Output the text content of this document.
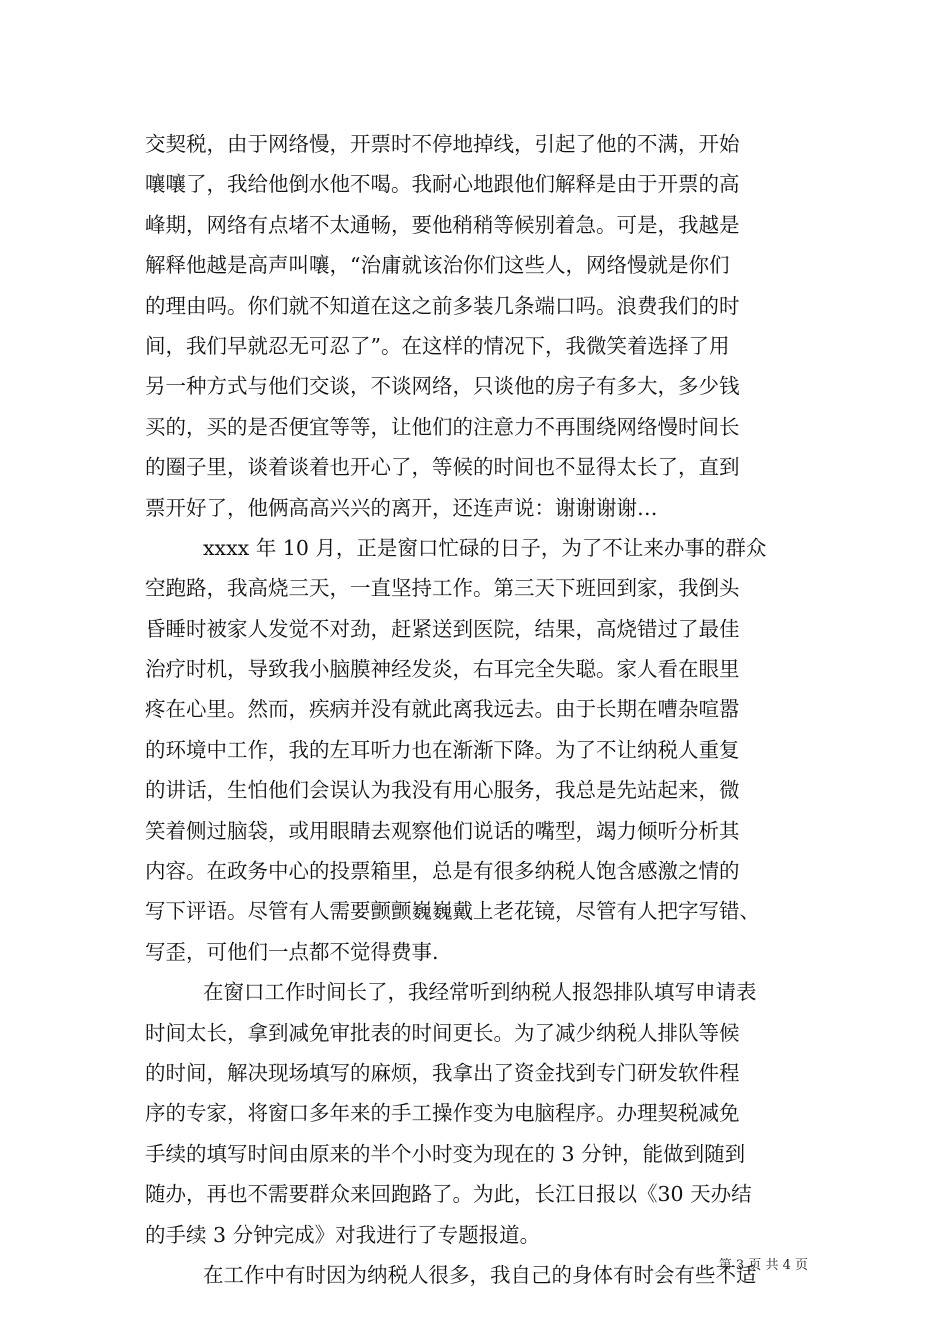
交契税，由于网络慢，开票时不停地掉线，引起了他的不满，开始
嚷嚷了，我给他倒水他不喝。我耐心地跟他们解释是由于开票的高
峰期，网络有点堵不太通畅，要他稍稍等候别着急。可是，我越是
解释他越是高声叫嚷，“治庸就该治你们这些人，网络慢就是你们
的理由吗。你们就不知道在这之前多装几条端口吗。浪费我们的时
间，我们早就忍无可忍了”。在这样的情况下，我微笑着选择了用
另一种方式与他们交谈，不谈网络，只谈他的房子有多大，多少钱
买的，买的是否便宜等等，让他们的注意力不再围绕网络慢时间长
的圈子里，谈着谈着也开心了，等候的时间也不显得太长了，直到
票开好了，他俩高高兴兴的离开，还连声说：谢谢谢谢…
xxxx 年 10 月，正是窗口忙碌的日子，为了不让来办事的群众
空跑路，我高烧三天，一直坚持工作。第三天下班回到家，我倒头
昏睡时被家人发觉不对劲，赶紧送到医院，结果，高烧错过了最佳
治疗时机，导致我小脑膜神经发炎，右耳完全失聪。家人看在眼里
疼在心里。然而，疾病并没有就此离我远去。由于长期在嘈杂喧嚣
的环境中工作，我的左耳听力也在渐渐下降。为了不让纳税人重复
的讲话，生怕他们会误认为我没有用心服务，我总是先站起来，微
笑着侧过脑袋，或用眼睛去观察他们说话的嘴型，竭力倾听分析其
内容。在政务中心的投票箱里，总是有很多纳税人饱含感激之情的
写下评语。尽管有人需要颤颤巍巍戴上老花镜，尽管有人把字写错、
写歪，可他们一点都不觉得费事.
在窗口工作时间长了，我经常听到纳税人报怨排队填写申请表
时间太长，拿到减免审批表的时间更长。为了减少纳税人排队等候
的时间，解决现场填写的麻烦，我拿出了资金找到专门研发软件程
序的专家，将窗口多年来的手工操作变为电脑程序。办理契税减免
手续的填写时间由原来的半个小时变为现在的 3 分钟，能做到随到
随办，再也不需要群众来回跑路了。为此，长江日报以《30 天办结
的手续 3 分钟完成》对我进行了专题报道。
在工作中有时因为纳税人很多，我自己的身体有时会有些不适
第 3 页 共 4 页
